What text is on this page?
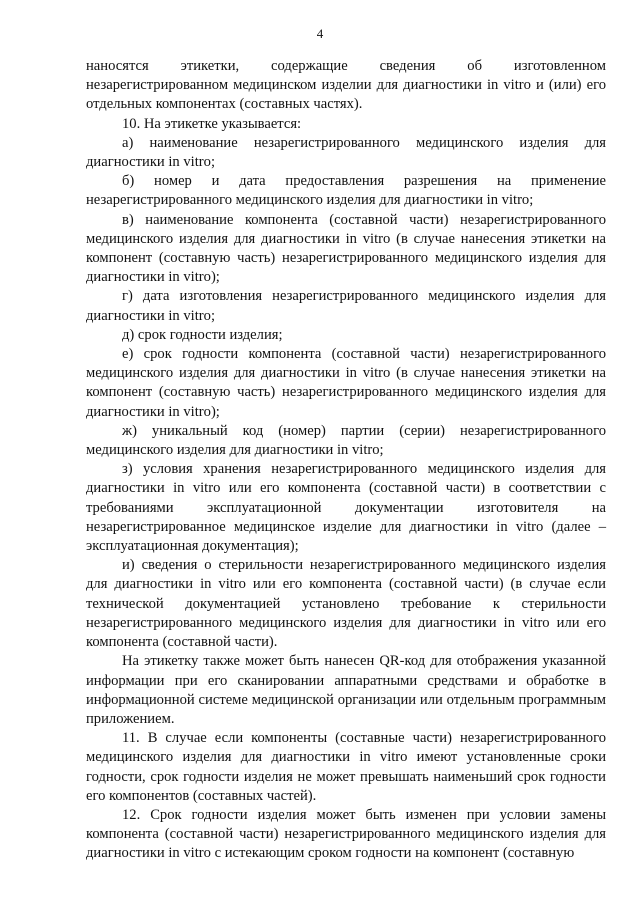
4

наносятся этикетки, содержащие сведения об изготовленном незарегистрированном медицинском изделии для диагностики in vitro и (или) его отдельных компонентах (составных частях).

10. На этикетке указывается:

а) наименование незарегистрированного медицинского изделия для диагностики in vitro;

б) номер и дата предоставления разрешения на применение незарегистрированного медицинского изделия для диагностики in vitro;

в) наименование компонента (составной части) незарегистрированного медицинского изделия для диагностики in vitro (в случае нанесения этикетки на компонент (составную часть) незарегистрированного медицинского изделия для диагностики in vitro);

г) дата изготовления незарегистрированного медицинского изделия для диагностики in vitro;

д) срок годности изделия;

е) срок годности компонента (составной части) незарегистрированного медицинского изделия для диагностики in vitro (в случае нанесения этикетки на компонент (составную часть) незарегистрированного медицинского изделия для диагностики in vitro);

ж) уникальный код (номер) партии (серии) незарегистрированного медицинского изделия для диагностики in vitro;

з) условия хранения незарегистрированного медицинского изделия для диагностики in vitro или его компонента (составной части) в соответствии с требованиями эксплуатационной документации изготовителя на незарегистрированное медицинское изделие для диагностики in vitro (далее – эксплуатационная документация);

и) сведения о стерильности незарегистрированного медицинского изделия для диагностики in vitro или его компонента (составной части) (в случае если технической документацией установлено требование к стерильности незарегистрированного медицинского изделия для диагностики in vitro или его компонента (составной части).

На этикетку также может быть нанесен QR-код для отображения указанной информации при его сканировании аппаратными средствами и обработке в информационной системе медицинской организации или отдельным программным приложением.

11. В случае если компоненты (составные части) незарегистрированного медицинского изделия для диагностики in vitro имеют установленные сроки годности, срок годности изделия не может превышать наименьший срок годности его компонентов (составных частей).

12. Срок годности изделия может быть изменен при условии замены компонента (составной части) незарегистрированного медицинского изделия для диагностики in vitro с истекающим сроком годности на компонент (составную
